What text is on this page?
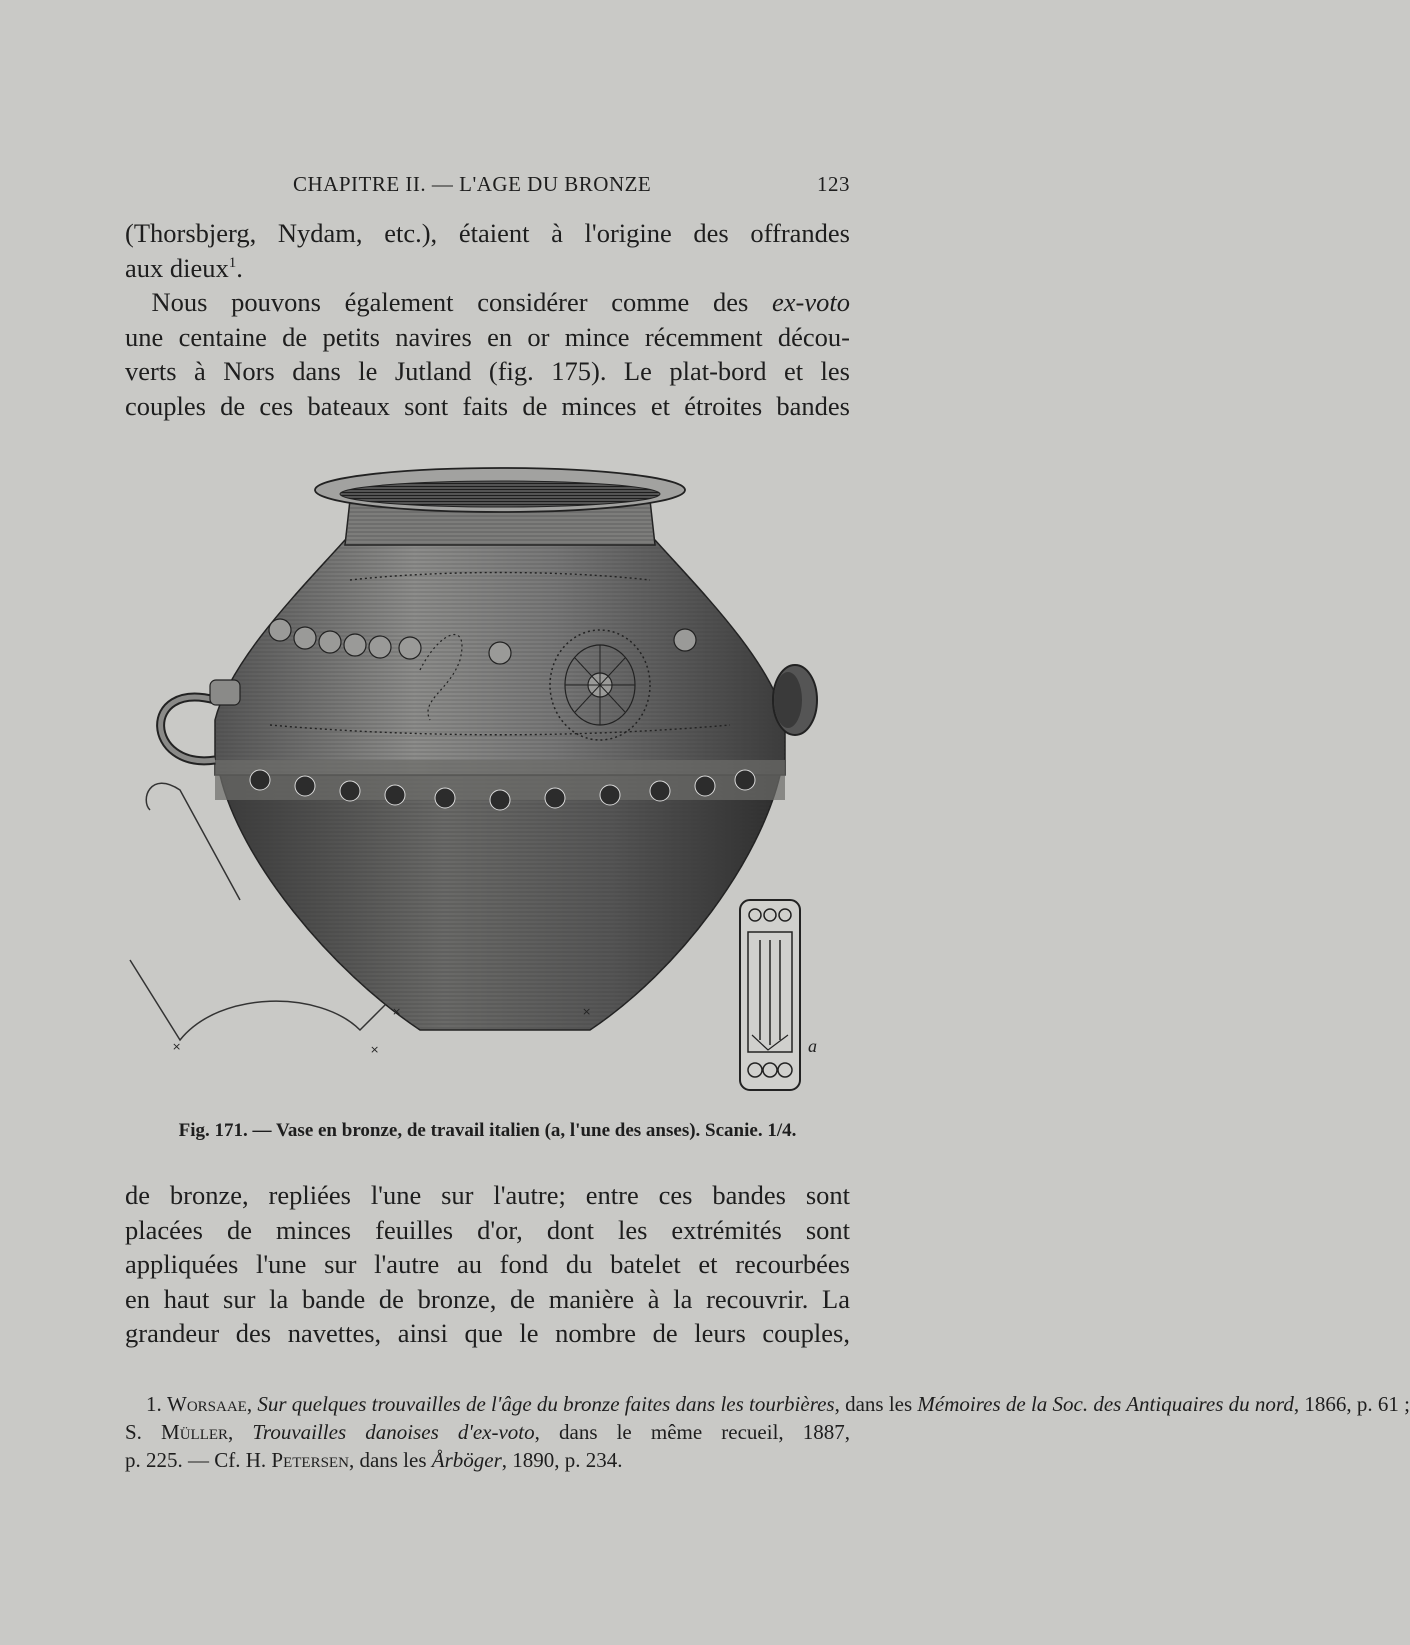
CHAPITRE II. — L'AGE DU BRONZE	123
(Thorsbjerg, Nydam, etc.), étaient à l'origine des offrandes
aux dieux$^1$.
 Nous pouvons également considérer comme des ex-voto
une centaine de petits navires en or mince récemment décou-
verts à Nors dans le Jutland (fig. 175). Le plat-bord et les
couples de ces bateaux sont faits de minces et étroites bandes
×	×
×	×	a
Fig. 171. — Vase en bronze, de travail italien (a, l'une des anses). Scanie. 1/4.
de bronze, repliées l'une sur l'autre; entre ces bandes sont
placées de minces feuilles d'or, dont les extrémités sont
appliquées l'une sur l'autre au fond du batelet et recourbées
en haut sur la bande de bronze, de manière à la recouvrir. La
grandeur des navettes, ainsi que le nombre de leurs couples,
 1. Worsaae, Sur quelques trouvailles de l'âge du bronze faites dans les tourbières, dans les Mémoires de la Soc. des Antiquaires du nord, 1866, p. 61 ;
S. Müller, Trouvailles danoises d'ex-voto, dans le même recueil, 1887,
p. 225. — Cf. H. Petersen, dans les Årböger, 1890, p. 234.
